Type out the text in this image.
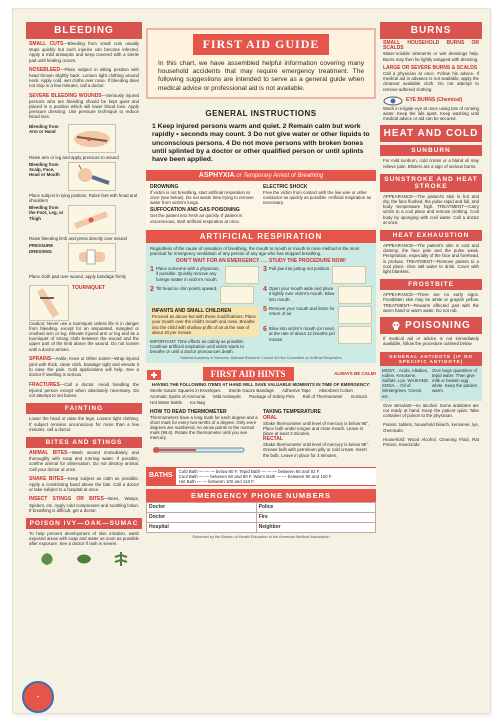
BLEEDING
SMALL CUTS—Bleeding from small cuts usually stops quickly but such injuries can become infected. Apply a mild antiseptic and keep covered with a sterile pad until healing occurs.
NOSEBLEED—Place subject in sitting position with head thrown slightly back. Loosen tight clothing around neck. Apply cold, wet cloths over nose. If bleeding does not stop in a few minutes, call a doctor.
SEVERE BLEEDING WOUNDS—Seriously injured persons who are bleeding should be kept quiet and placed in a position which will lower blood loss. Apply pressure dressing. Use pressure technique to reduce blood loss.
Bleeding from Arm or Hand
Raise arm or leg and apply pressure to wound
Bleeding from Scalp, Face, Head or Mouth
Place subject in lying position. Raise feet with head and shoulders
Bleeding from the Foot, Leg, or Thigh
Raise bleeding limb and press directly over wound
PRESSURE DRESSING
Place cloth pad over wound, apply bandage firmly
TOURNIQUET
Caution: Never use a tourniquet unless life is in danger from bleeding, except for an amputated, mangled or crushed arm or leg. Elevate injured arm or leg and tie a tourniquet of strong cloth between the wound and the upper part of the limb above the wound. Do not loosen until a doctor arrives.
SPRAINS—Ankle, Knee or Other Joints—Wrap injured joint with thick, clean cloth, bandage tight and elevate it to ease the pain. Cold applications will help. See a doctor if swelling is serious.
FRACTURES—Call a doctor. Avoid handling the injured person except when absolutely necessary. Do not attempt to set bones.
FAINTING
Lower the head or raise the legs. Loosen tight clothing. If subject remains unconscious for more than a few minutes, call a doctor.
BITES AND STINGS
ANIMAL BITES—Wash wound immediately and thoroughly with soap and running water. If possible, confine animal for observation. Do not destroy animal. Call your doctor at once.
SNAKE BITES—Keep subject as calm as possible. Apply a constricting band above the bite. Call a doctor or take subject to a hospital at once.
INSECT STINGS OR BITES—Bees, Wasps, Spiders, etc. Apply cold compresses and soothing lotion. If breathing is difficult, get a doctor.
POISON IVY—OAK—SUMAC
To help prevent development of skin irritation, wash exposed areas with soap and water as soon as possible after exposure. See a doctor if rash is severe.
FIRST AID GUIDE
In this chart, we have assembled helpful information covering many household accidents that may require emergency treatment. The following suggestions are intended to serve as a general guide when medical advice or professional aid is not available.
GENERAL INSTRUCTIONS
1 Keep injured persons warm and quiet. 2 Remain calm but work rapidly • seconds may count. 3 Do not give water or other liquids to unconscious persons. 4 Do not move persons with broken bones until splinted by a doctor or other qualified person or until splints have been applied.
ASPHYXIA or Temporary Arrest of Breathing
DROWNING
If victim is not breathing, start artificial respiration at once (see below). Do not waste time trying to remove water from victim's lungs.
SUFFOCATION AND GAS POISONING
Get the patient into fresh air quickly. If patient is unconscious, start artificial respiration at once.
ELECTRIC SHOCK
Free the victim from contact with the live wire or other conductor as quickly as possible. Artificial respiration as necessary.
ARTIFICIAL RESPIRATION
Regardless of the cause of cessation of breathing, the mouth to mouth or mouth to nose method is the most practical for emergency ventilation of any person of any age who has stopped breathing.
DON'T WAIT FOR AN EMERGENCY . . . STUDY THE PROCEDURE NOW!
1 Place someone with a physician, if possible. Quickly remove any foreign matter in victim's mouth.
2 Tilt head so chin points upward.
INFANTS AND SMALL CHILDREN
Proceed as above but with these modifications: Place your mouth over the child's mouth and nose. Breathe into the child with shallow puffs of air at the rate of about 20 per minute.
IMPORTANT: Time efforts as calmly as possible. Continue artificial respiration until victim starts to breathe or until a doctor pronounces death.
3 Pull jaw into jutting-out position.
4 Open your mouth wide and place it tightly over victim's mouth. Blow into mouth.
5 Remove your mouth and listen for return of air.
6 Blow into victim's mouth (or nose) at the rate of about 12 breaths per minute.
National Academy of Sciences–National Research Council Ad Hoc Committee on Artificial Respiration
FIRST AID HINTS	ALWAYS BE CALM!
HAVING THE FOLLOWING ITEMS AT HAND WILL SAVE VALUABLE MOMENTS IN TIME OF EMERGENCY:
Sterile Gauze Squares in Envelopes Sterile Gauze Bandage Adhesive Tape Absorbent Cotton
Aromatic Spirits of Ammonia Mild Antiseptic Package of Safety Pins Roll of Thermometer Scissors
Hot Water Bottle Ice Bag
HOW TO READ THERMOMETER
Thermometers have a long mark for each degree and a short mark for every two-tenths of a degree. Only even degrees are numbered. An arrow points to the normal mark (98.6). Rotate the thermometer until you see mercury.
TAKING TEMPERATURE
ORAL
Shake thermometer until level of mercury is below 95°. Place bulb under tongue and close mouth. Leave in place at least 3 minutes.
RECTAL
Shake thermometer until level of mercury is below 95°. Grease bulb with petroleum jelly or cold cream. Insert the bulb. Leave in place for 3 minutes.
BATHS
Cold Bath — — — below 60 F. Tepid Bath — — — between 80 and 92 F.
Cool Bath — — between 60 and 80 F. Warm Bath — — between 90 and 100 F.
Hot Bath — — between 100 and 110 F.
EMERGENCY PHONE NUMBERS
Doctor	Police
Doctor	Fire
Hospital	Neighbor
Endorsed by the Bureau of Health Education of the American Medical Association
BURNS
SMALL HOUSEHOLD BURNS OR SCALDS
Water-soluble ointments or wet dressings help. Burns may then be lightly wrapped with dressing.
LARGE OR SEVERE BURNS & SCALDS
Call a physician at once. Follow his advice. If medical aid in advance is not available, apply the cleanest available cloth. Do not attempt to remove adhered clothing.
EYE BURNS (Chemical)
Wash in irrigate eye at once using lots of running water. Keep the lids apart. Keep washing until medical advice or aid can be secured.
HEAT AND COLD
SUNBURN
For mild sunburn, cold cream or a bland oil may relieve pain. Blisters are a sign of serious burns.
SUNSTROKE AND HEAT STROKE
APPEARANCE—The patient's skin is hot and dry, the face flushed, the pulse rapid and full, and body temperature high. TREATMENT—Carry victim to a cool place and remove clothing. Cool body by sponging with cool water. Call a doctor at once.
HEAT EXHAUSTION
APPEARANCE—The patient's skin is cool and clammy, the face pale and the pulse weak. Perspiration, especially of the face and forehead, is profuse. TREATMENT—Remove patient to a cool place. Give salt water to drink. Cover with light blankets.
FROSTBITE
APPEARANCE—There are no early signs. Frostbitten skin may be white or grayish yellow. TREATMENT—Rewarm affected part with the warm hand or warm water. Do not rub.
POISONING
If medical aid or advice is not immediately available, follow the procedure outlined below.
GENERAL ANTIDOTE (IF NO SPECIFIC ANTIDOTE)
MOST... Acids, Alkalies, Iodine, Kerosene, Sulfate, Lye. WASHING SODA ... Oil of Wintergreen, Cresol, etc.
Give large quantities of tepid water. Then give milk or beaten egg white. Keep the patient warm.
Give stimulant—no alcohol. Some antidotes are not ready at hand. Keep the patient quiet. Take container of poison to the physician.
Poison: tablets, household bleach, kerosene, lye, chemicals.
Household: Wood Alcohol, Cleaning Fluid, Rat Poison, Insecticide.
+
